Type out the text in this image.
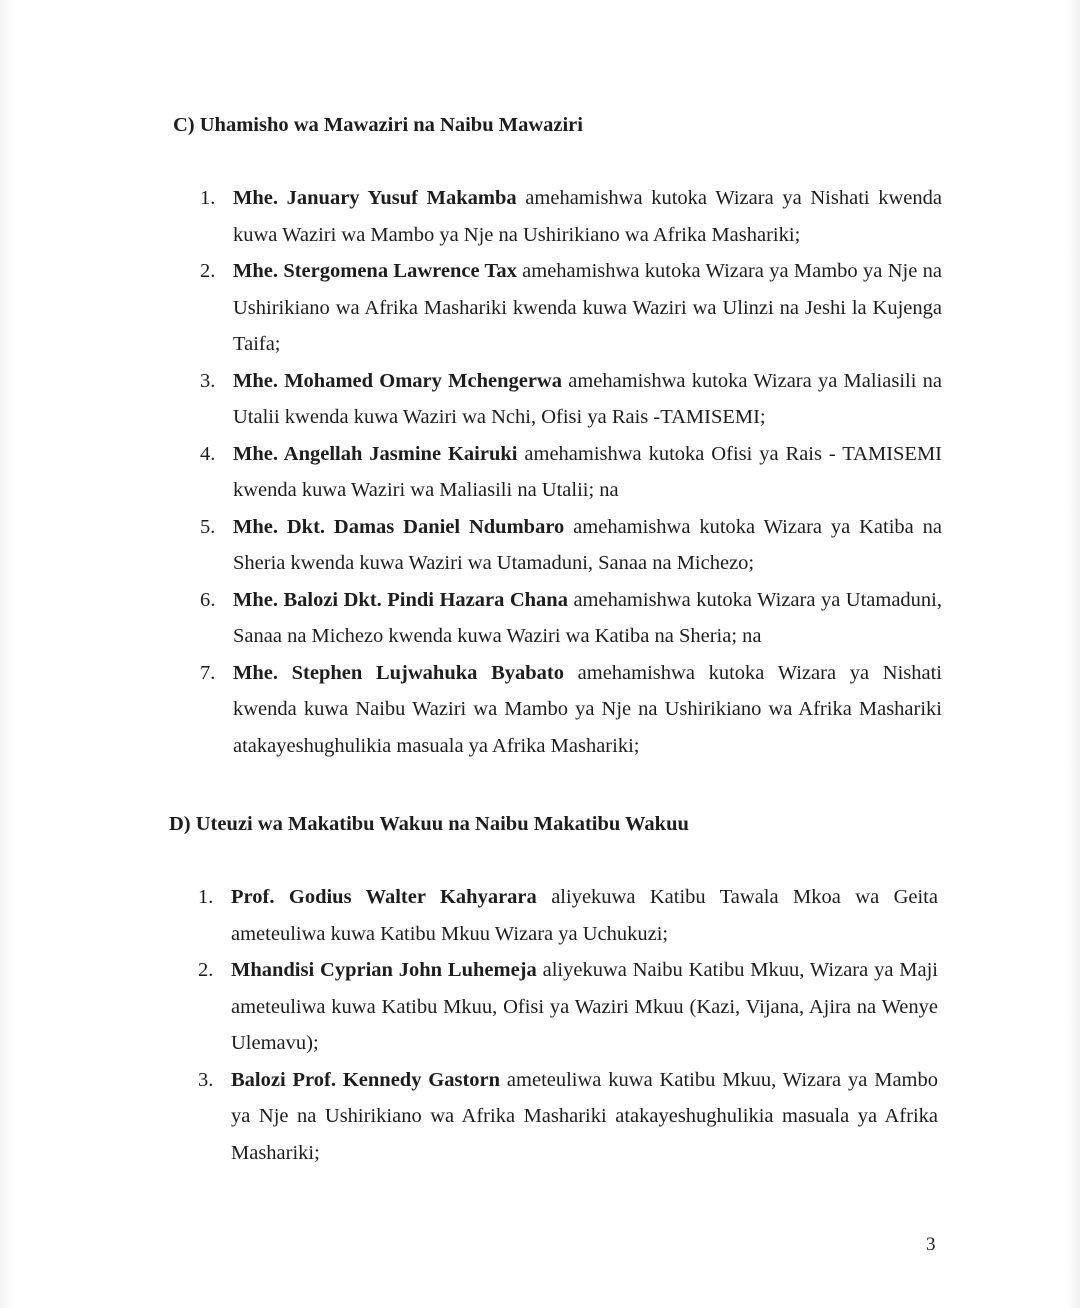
C) Uhamisho wa Mawaziri na Naibu Mawaziri
1. Mhe. January Yusuf Makamba amehamishwa kutoka Wizara ya Nishati kwenda kuwa Waziri wa Mambo ya Nje na Ushirikiano wa Afrika Mashariki;
2. Mhe. Stergomena Lawrence Tax amehamishwa kutoka Wizara ya Mambo ya Nje na Ushirikiano wa Afrika Mashariki kwenda kuwa Waziri wa Ulinzi na Jeshi la Kujenga Taifa;
3. Mhe. Mohamed Omary Mchengerwa amehamishwa kutoka Wizara ya Maliasili na Utalii kwenda kuwa Waziri wa Nchi, Ofisi ya Rais -TAMISEMI;
4. Mhe. Angellah Jasmine Kairuki amehamishwa kutoka Ofisi ya Rais - TAMISEMI kwenda kuwa Waziri wa Maliasili na Utalii; na
5. Mhe. Dkt. Damas Daniel Ndumbaro amehamishwa kutoka Wizara ya Katiba na Sheria kwenda kuwa Waziri wa Utamaduni, Sanaa na Michezo;
6. Mhe. Balozi Dkt. Pindi Hazara Chana amehamishwa kutoka Wizara ya Utamaduni, Sanaa na Michezo kwenda kuwa Waziri wa Katiba na Sheria; na
7. Mhe. Stephen Lujwahuka Byabato amehamishwa kutoka Wizara ya Nishati kwenda kuwa Naibu Waziri wa Mambo ya Nje na Ushirikiano wa Afrika Mashariki atakayeshughulikia masuala ya Afrika Mashariki;
D) Uteuzi wa Makatibu Wakuu na Naibu Makatibu Wakuu
1. Prof. Godius Walter Kahyarara aliyekuwa Katibu Tawala Mkoa wa Geita ameteuliwa kuwa Katibu Mkuu Wizara ya Uchukuzi;
2. Mhandisi Cyprian John Luhemeja aliyekuwa Naibu Katibu Mkuu, Wizara ya Maji ameteuliwa kuwa Katibu Mkuu, Ofisi ya Waziri Mkuu (Kazi, Vijana, Ajira na Wenye Ulemavu);
3. Balozi Prof. Kennedy Gastorn ameteuliwa kuwa Katibu Mkuu, Wizara ya Mambo ya Nje na Ushirikiano wa Afrika Mashariki atakayeshughulikia masuala ya Afrika Mashariki;
3
